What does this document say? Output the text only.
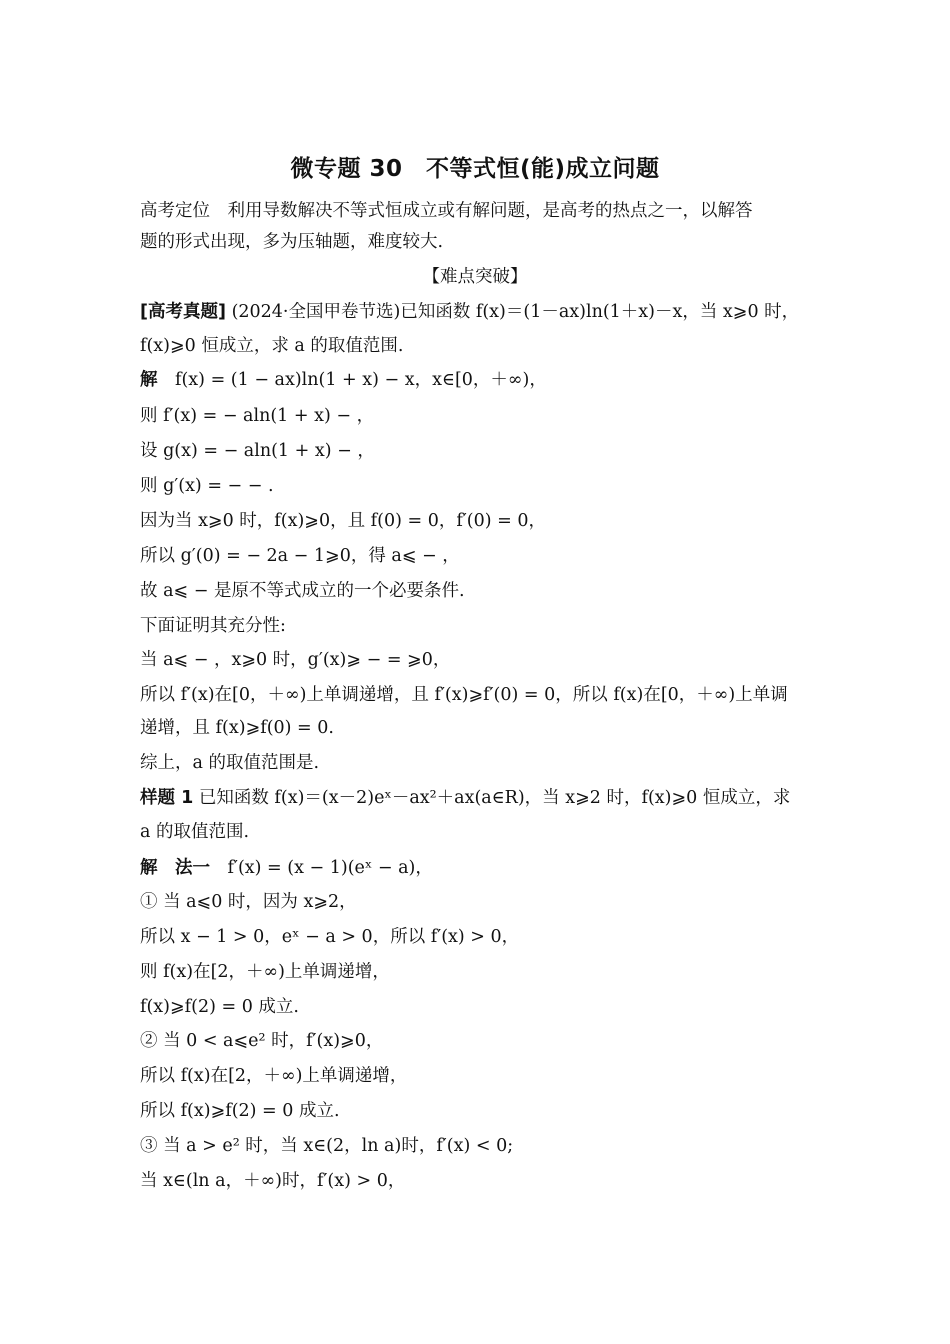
微专题 30　不等式恒(能)成立问题
高考定位　利用导数解决不等式恒成立或有解问题，是高考的热点之一，以解答
题的形式出现，多为压轴题，难度较大.
【难点突破】
[高考真题] (2024·全国甲卷节选)已知函数 f(x)＝(1－ax)ln(1＋x)－x，当 x⩾0 时，
f(x)⩾0 恒成立，求 a 的取值范围.
解　f(x) = (1 − ax)ln(1 + x) − x，x∈[0，＋∞)，
则 f′(x) = − aln(1 + x) − ，
设 g(x) = − aln(1 + x) − ，
则 g′(x) = − − .
因为当 x⩾0 时，f(x)⩾0，且 f(0) = 0，f′(0) = 0，
所以 g′(0) = − 2a − 1⩾0，得 a⩽ − ，
故 a⩽ − 是原不等式成立的一个必要条件.
下面证明其充分性:
当 a⩽ − ，x⩾0 时，g′(x)⩾ − = ⩾0，
所以 f′(x)在[0，＋∞)上单调递增，且 f′(x)⩾f′(0) = 0，所以 f(x)在[0，＋∞)上单调
递增，且 f(x)⩾f(0) = 0.
综上，a 的取值范围是.
样题 1 已知函数 f(x)＝(x－2)eˣ－ax²＋ax(a∈R)，当 x⩾2 时，f(x)⩾0 恒成立，求
a 的取值范围.
解　法一　f′(x) = (x − 1)(eˣ − a)，
① 当 a⩽0 时，因为 x⩾2，
所以 x − 1 > 0，eˣ − a > 0，所以 f′(x) > 0，
则 f(x)在[2，＋∞)上单调递增，
f(x)⩾f(2) = 0 成立.
② 当 0 < a⩽e² 时，f′(x)⩾0，
所以 f(x)在[2，＋∞)上单调递增，
所以 f(x)⩾f(2) = 0 成立.
③ 当 a > e² 时，当 x∈(2，ln a)时，f′(x) < 0;
当 x∈(ln a，＋∞)时，f′(x) > 0，
